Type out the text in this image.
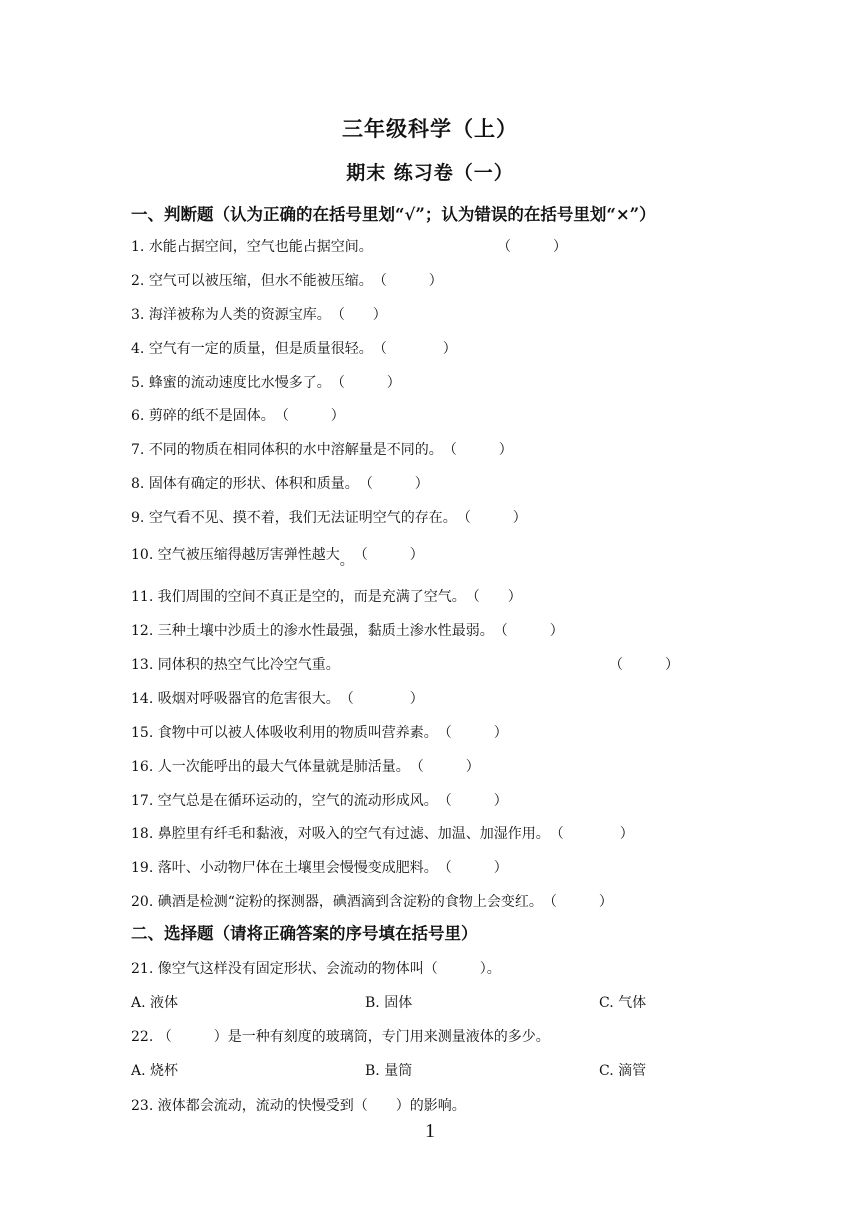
三年级科学（上）
期末 练习卷（一）
一、判断题（认为正确的在括号里划“√”；认为错误的在括号里划“×”）
1. 水能占据空间，空气也能占据空间。	（　　　）
2. 空气可以被压缩，但水不能被压缩。（　　　）
3. 海洋被称为人类的资源宝库。（　　）
4. 空气有一定的质量，但是质量很轻。（　　　　）
5. 蜂蜜的流动速度比水慢多了。（　　　）
6. 剪碎的纸不是固体。（　　　）
7. 不同的物质在相同体积的水中溶解量是不同的。（　　　）
8. 固体有确定的形状、体积和质量。（　　　）
9. 空气看不见、摸不着，我们无法证明空气的存在。（　　　）
10. 空气被压缩得越厉害弹性越大。（　　　）
11. 我们周围的空间不真正是空的，而是充满了空气。（　　）
12. 三种土壤中沙质土的渗水性最强，黏质土渗水性最弱。（　　　）
13. 同体积的热空气比冷空气重。	（　　　）
14. 吸烟对呼吸器官的危害很大。（　　　　）
15. 食物中可以被人体吸收利用的物质叫营养素。（　　　）
16. 人一次能呼出的最大气体量就是肺活量。（　　　）
17. 空气总是在循环运动的，空气的流动形成风。（　　　）
18. 鼻腔里有纤毛和黏液，对吸入的空气有过滤、加温、加湿作用。（　　　　）
19. 落叶、小动物尸体在土壤里会慢慢变成肥料。（　　　）
20. 碘酒是检测“淀粉的探测器，碘酒滴到含淀粉的食物上会变红。（　　　）
二、选择题（请将正确答案的序号填在括号里）
21. 像空气这样没有固定形状、会流动的物体叫（　　　）。
A. 液体	B. 固体	C. 气体
22. （　　　）是一种有刻度的玻璃筒，专门用来测量液体的多少。
A. 烧杯	B. 量筒	C. 滴管
23. 液体都会流动，流动的快慢受到（　　）的影响。
1
